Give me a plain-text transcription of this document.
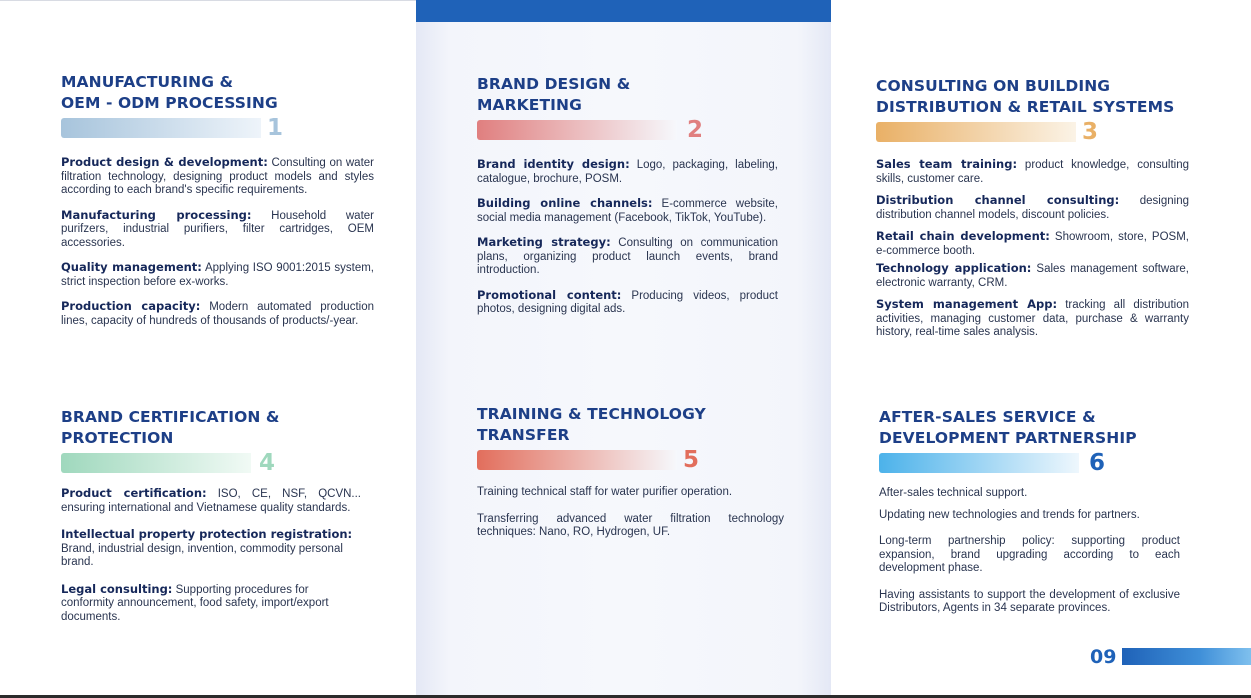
MANUFACTURING &
OEM - ODM PROCESSING
1

Product design & development: Consulting on water filtration technology, designing product models and styles according to each brand's specific requirements.

Manufacturing processing: Household water purifzers, industrial purifiers, filter cartridges, OEM accessories.

Quality management: Applying ISO 9001:2015 system, strict inspection before ex-works.

Production capacity: Modern automated production lines, capacity of hundreds of thousands of products/-year.

BRAND DESIGN &
MARKETING
2

Brand identity design: Logo, packaging, labeling, catalogue, brochure, POSM.

Building online channels: E-commerce website, social media management (Facebook, TikTok, YouTube).

Marketing strategy: Consulting on communication plans, organizing product launch events, brand introduction.

Promotional content: Producing videos, product photos, designing digital ads.

CONSULTING ON BUILDING
DISTRIBUTION & RETAIL SYSTEMS
3

Sales team training: product knowledge, consulting skills, customer care.

Distribution channel consulting: designing distribution channel models, discount policies.

Retail chain development: Showroom, store, POSM, e-commerce booth.

Technology application: Sales management software, electronic warranty, CRM.

System management App: tracking all distribution activities, managing customer data, purchase & warranty history, real-time sales analysis.

BRAND CERTIFICATION &
PROTECTION
4

Product certification: ISO, CE, NSF, QCVN... ensuring international and Vietnamese quality standards.

Intellectual property protection registration: Brand, industrial design, invention, commodity personal brand.

Legal consulting: Supporting procedures for conformity announcement, food safety, import/export documents.

TRAINING & TECHNOLOGY
TRANSFER
5

Training technical staff for water purifier operation.

Transferring advanced water filtration technology techniques: Nano, RO, Hydrogen, UF.

AFTER-SALES SERVICE &
DEVELOPMENT PARTNERSHIP
6

After-sales technical support.

Updating new technologies and trends for partners.

Long-term partnership policy: supporting product expansion, brand upgrading according to each development phase.

Having assistants to support the development of exclusive Distributors, Agents in 34 separate provinces.

09
